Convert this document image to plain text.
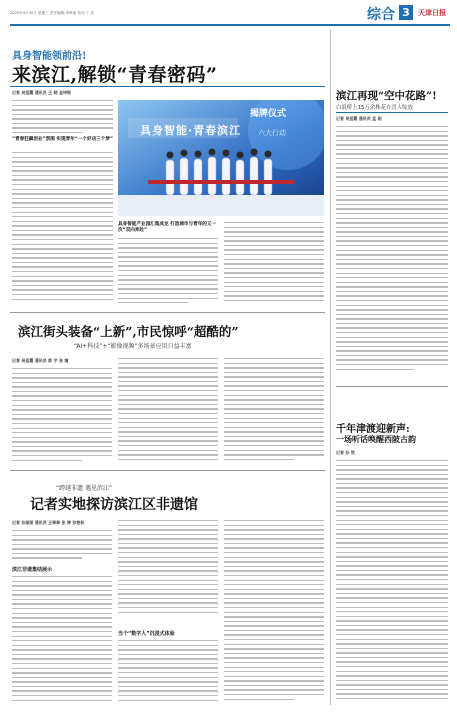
2025年4月30日 星期三 责任编辑:李珍丽 校对:丁 浩	综合 3	天津日报
具身智能领前沿!
来滨江,解锁“青春密码”
记者 吴延霞 通讯员 王 晓 金坤锐
“青春狂飙创业”氛围 实现青年“一个好店三个梦”
具身智能·青春滨江
揭牌仪式
六大行动
具身智能产业园汇集成龙 打造城市与青年的又一次“双向奔赴”
滨江再现“空中花路”!
白浪桥上15万余株花卉喜人绽放
记者 吴延霞 通讯员 孟 刚
千年津渡迎新声:
一场听话唤醒西陂古韵
记者 孙 然
滨江街头装备“上新”,市民惊呼“超酷的”
“AI+科技”+“影像视频”多场景应用日益丰富
记者 吴延霞 通讯员 郭 宇 张 婧
“跨越非遗 遇见滨江”
记者实地探访滨江区非遗馆
记者 孙丽丽 通讯员 王翠翠 张 婷 张艳秋
滨江非遗集结展示
当个“数字人”沉浸式体验
